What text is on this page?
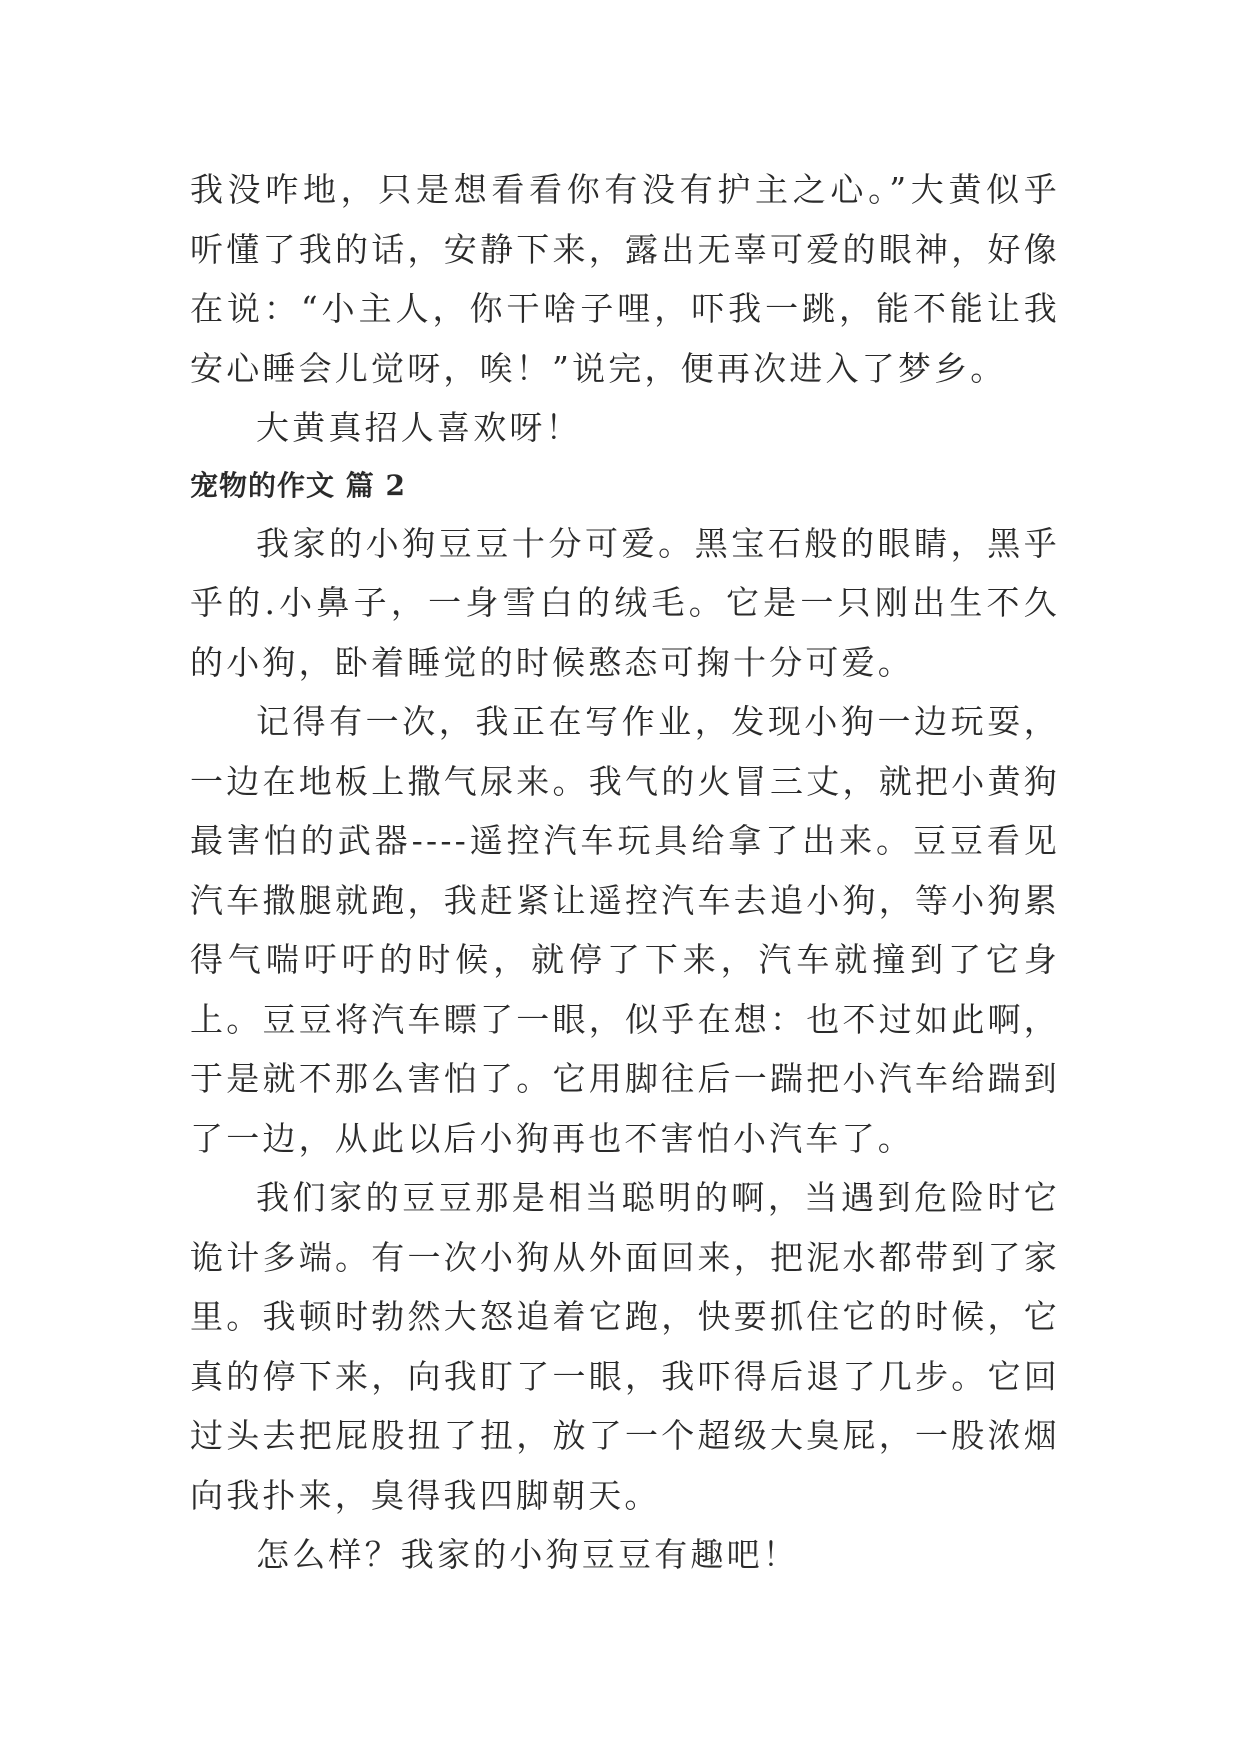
我没咋地，只是想看看你有没有护主之心。”大黄似乎听懂了我的话，安静下来，露出无辜可爱的眼神，好像在说：“小主人，你干啥子哩，吓我一跳，能不能让我安心睡会儿觉呀，唉！”说完，便再次进入了梦乡。

大黄真招人喜欢呀！

宠物的作文 篇 2

我家的小狗豆豆十分可爱。黑宝石般的眼睛，黑乎乎的.小鼻子，一身雪白的绒毛。它是一只刚出生不久的小狗，卧着睡觉的时候憨态可掬十分可爱。

记得有一次，我正在写作业，发现小狗一边玩耍，一边在地板上撒气尿来。我气的火冒三丈，就把小黄狗最害怕的武器----遥控汽车玩具给拿了出来。豆豆看见汽车撒腿就跑，我赶紧让遥控汽车去追小狗，等小狗累得气喘吁吁的时候，就停了下来，汽车就撞到了它身上。豆豆将汽车瞟了一眼，似乎在想：也不过如此啊，于是就不那么害怕了。它用脚往后一踹把小汽车给踹到了一边，从此以后小狗再也不害怕小汽车了。

我们家的豆豆那是相当聪明的啊，当遇到危险时它诡计多端。有一次小狗从外面回来，把泥水都带到了家里。我顿时勃然大怒追着它跑，快要抓住它的时候，它真的停下来，向我盯了一眼，我吓得后退了几步。它回过头去把屁股扭了扭，放了一个超级大臭屁，一股浓烟向我扑来，臭得我四脚朝天。

怎么样？我家的小狗豆豆有趣吧！
